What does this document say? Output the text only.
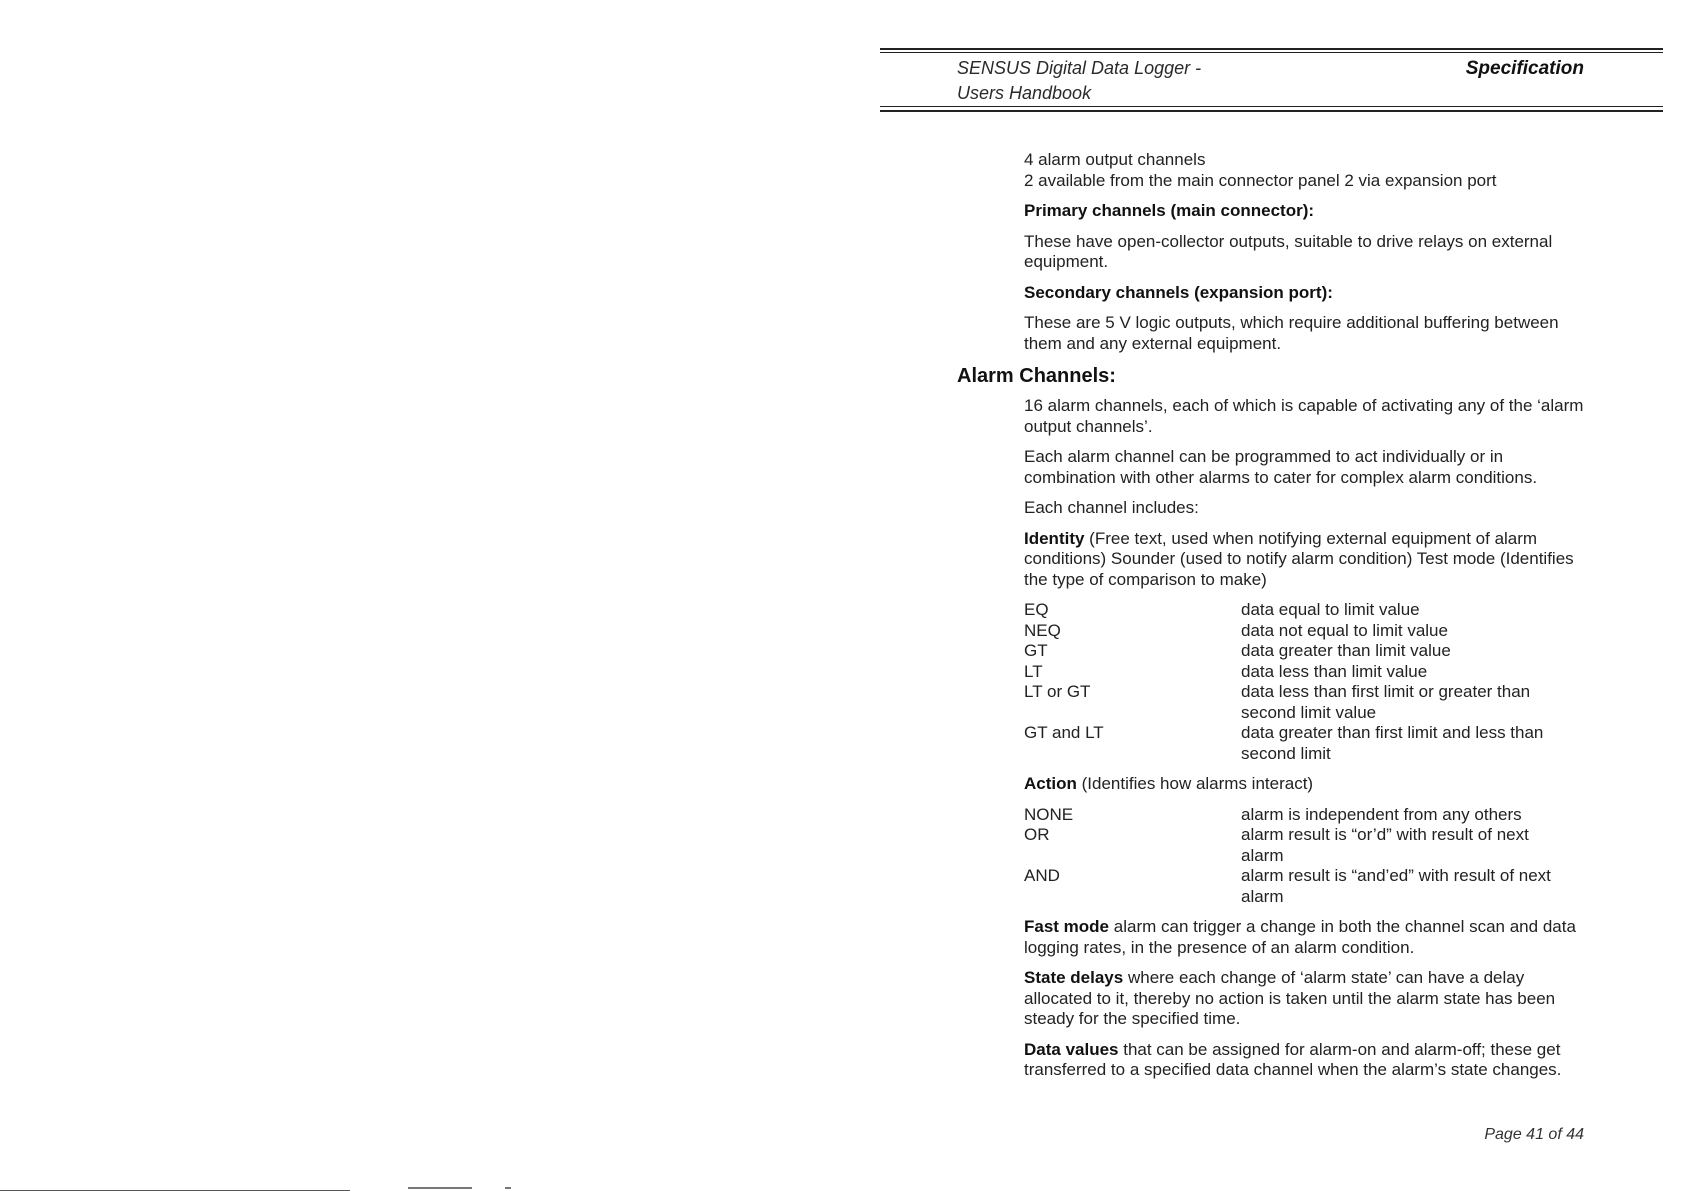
SENSUS Digital Data Logger -
Users Handbook
Specification

4 alarm output channels
2 available from the main connector panel 2 via expansion port

Primary channels (main connector):

These have open-collector outputs, suitable to drive relays on external equipment.

Secondary channels (expansion port):

These are 5 V logic outputs, which require additional buffering between them and any external equipment.

Alarm Channels:

16 alarm channels, each of which is capable of activating any of the ‘alarm output channels’.

Each alarm channel can be programmed to act individually or in combination with other alarms to cater for complex alarm conditions.

Each channel includes:

Identity (Free text, used when notifying external equipment of alarm conditions) Sounder (used to notify alarm condition) Test mode (Identifies the type of comparison to make)

EQ	data equal to limit value
NEQ	data not equal to limit value
GT	data greater than limit value
LT	data less than limit value
LT or GT	data less than first limit or greater than second limit value
GT and LT	data greater than first limit and less than second limit

Action (Identifies how alarms interact)

NONE	alarm is independent from any others
OR	alarm result is “or’d” with result of next alarm
AND	alarm result is “and’ed” with result of next alarm

Fast mode alarm can trigger a change in both the channel scan and data logging rates, in the presence of an alarm condition.

State delays where each change of ‘alarm state’ can have a delay allocated to it, thereby no action is taken until the alarm state has been steady for the specified time.

Data values that can be assigned for alarm-on and alarm-off; these get transferred to a specified data channel when the alarm’s state changes.

Page 41 of 44
